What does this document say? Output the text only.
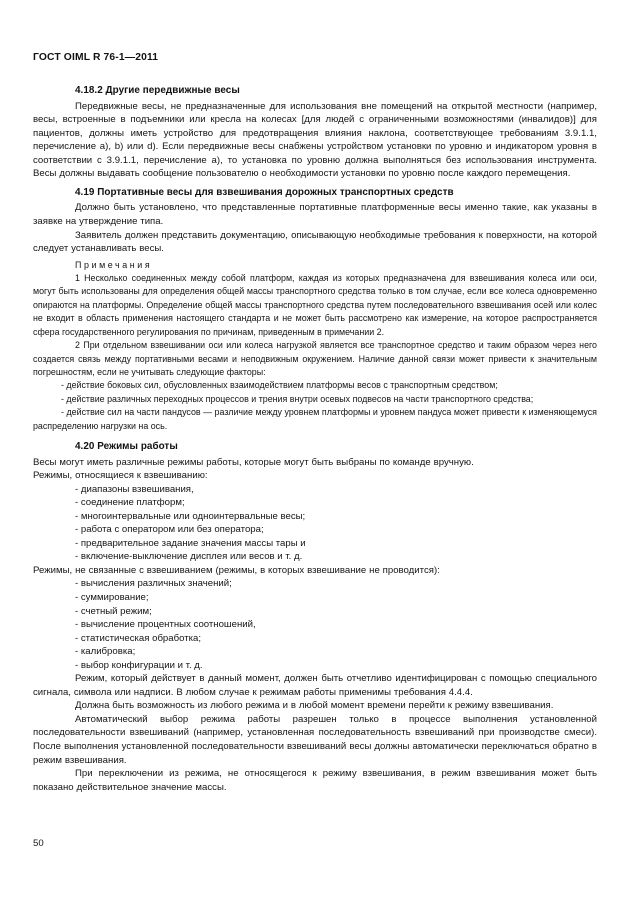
ГОСТ OIML R 76-1—2011
4.18.2 Другие передвижные весы

Передвижные весы, не предназначенные для использования вне помещений на открытой местности (например, весы, встроенные в подъемники или кресла на колесах [для людей с ограниченными возможностями (инвалидов)] для пациентов, должны иметь устройство для предотвращения влияния наклона, соответствующее требованиям 3.9.1.1, перечисление a), b) или d). Если передвижные весы снабжены устройством установки по уровню и индикатором уровня в соответствии с 3.9.1.1, перечисление a), то установка по уровню должна выполняться без использования инструмента. Весы должны выдавать сообщение пользователю о необходимости установки по уровню после каждого перемещения.

4.19 Портативные весы для взвешивания дорожных транспортных средств

Должно быть установлено, что представленные портативные платформенные весы именно такие, как указаны в заявке на утверждение типа.

Заявитель должен представить документацию, описывающую необходимые требования к поверхности, на которой следует устанавливать весы.

Примечания

1 Несколько соединенных между собой платформ, каждая из которых предназначена для взвешивания колеса или оси, могут быть использованы для определения общей массы транспортного средства только в том случае, если все колеса одновременно опираются на платформы. Определение общей массы транспортного средства путем последовательного взвешивания осей или колес не входит в область применения настоящего стандарта и не может быть рассмотрено как измерение, на которое распространяется сфера государственного регулирования по причинам, приведенным в примечании 2.

2 При отдельном взвешивании оси или колеса нагрузкой является все транспортное средство и таким образом через него создается связь между портативными весами и неподвижным окружением. Наличие данной связи может привести к значительным погрешностям, если не учитывать следующие факторы:

- действие боковых сил, обусловленных взаимодействием платформы весов с транспортным средством;

- действие различных переходных процессов и трения внутри осевых подвесов на части транспортного средства;

- действие сил на части пандусов — различие между уровнем платформы и уровнем пандуса может привести к изменяющемуся распределению нагрузки на ось.

4.20 Режимы работы

Весы могут иметь различные режимы работы, которые могут быть выбраны по команде вручную.

Режимы, относящиеся к взвешиванию:

- диапазоны взвешивания,
- соединение платформ;
- многоинтервальные или одноинтервальные весы;
- работа с оператором или без оператора;
- предварительное задание значения массы тары и
- включение-выключение дисплея или весов и т. д.

Режимы, не связанные с взвешиванием (режимы, в которых взвешивание не проводится):

- вычисления различных значений;
- суммирование;
- счетный режим;
- вычисление процентных соотношений,
- статистическая обработка;
- калибровка;
- выбор конфигурации и т. д.

Режим, который действует в данный момент, должен быть отчетливо идентифицирован с помощью специального сигнала, символа или надписи. В любом случае к режимам работы применимы требования 4.4.4.

Должна быть возможность из любого режима и в любой момент времени перейти к режиму взвешивания.

Автоматический выбор режима работы разрешен только в процессе выполнения установленной последовательности взвешиваний (например, установленная последовательность взвешиваний при производстве смеси). После выполнения установленной последовательности взвешиваний весы должны автоматически переключаться обратно в режим взвешивания.

При переключении из режима, не относящегося к режиму взвешивания, в режим взвешивания может быть показано действительное значение массы.

50
